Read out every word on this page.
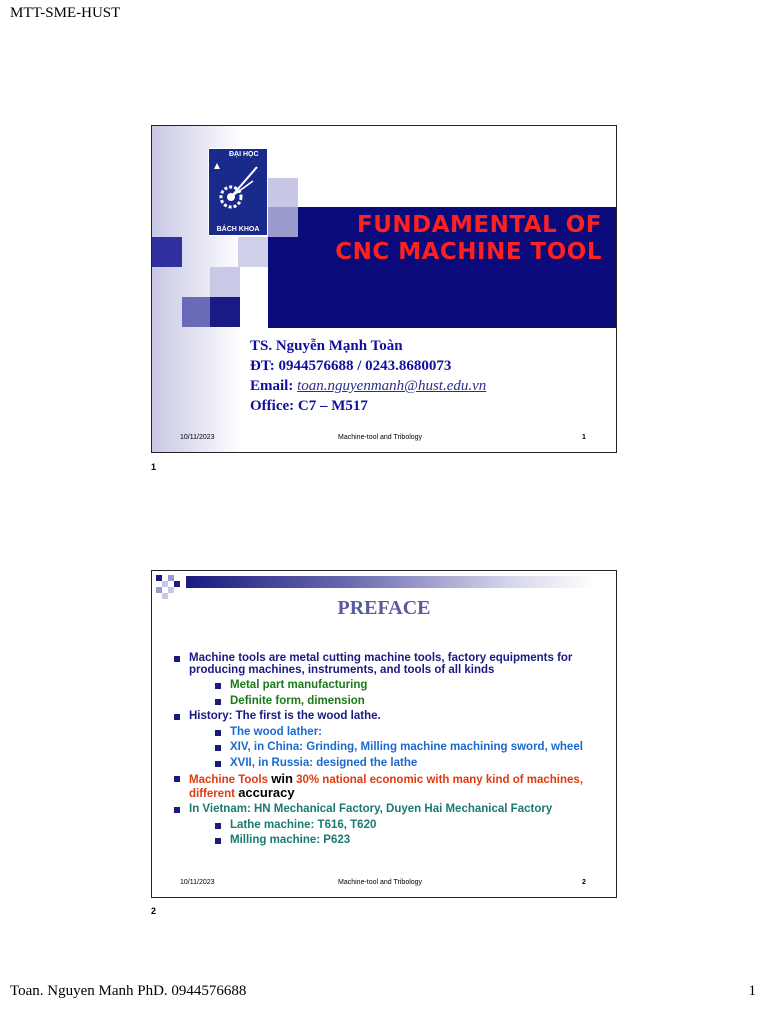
MTT-SME-HUST
ĐẠI HỌC
BÁCH KHOA	FUNDAMENTAL OF
CNC MACHINE TOOL
TS. Nguyễn Mạnh Toàn
ĐT: 0944576688 / 0243.8680073
Email: toan.nguyenmanh@hust.edu.vn
Office: C7 – M517
10/11/2023	Machine-tool and Tribology	1
1
PREFACE
Machine tools are metal cutting machine tools, factory equipments for producing machines, instruments, and tools of all kinds
Metal part manufacturing
Definite form, dimension
History: The first is the wood lathe.
The wood lather:
XIV, in China: Grinding, Milling machine machining sword, wheel
XVII, in Russia: designed the lathe
Machine Tools win 30% national economic with many kind of machines, different accuracy
In Vietnam: HN Mechanical Factory, Duyen Hai Mechanical Factory
Lathe machine: T616, T620
Milling machine: P623
10/11/2023	Machine-tool and Tribology	2
2
Toan. Nguyen Manh PhD. 0944576688	1
